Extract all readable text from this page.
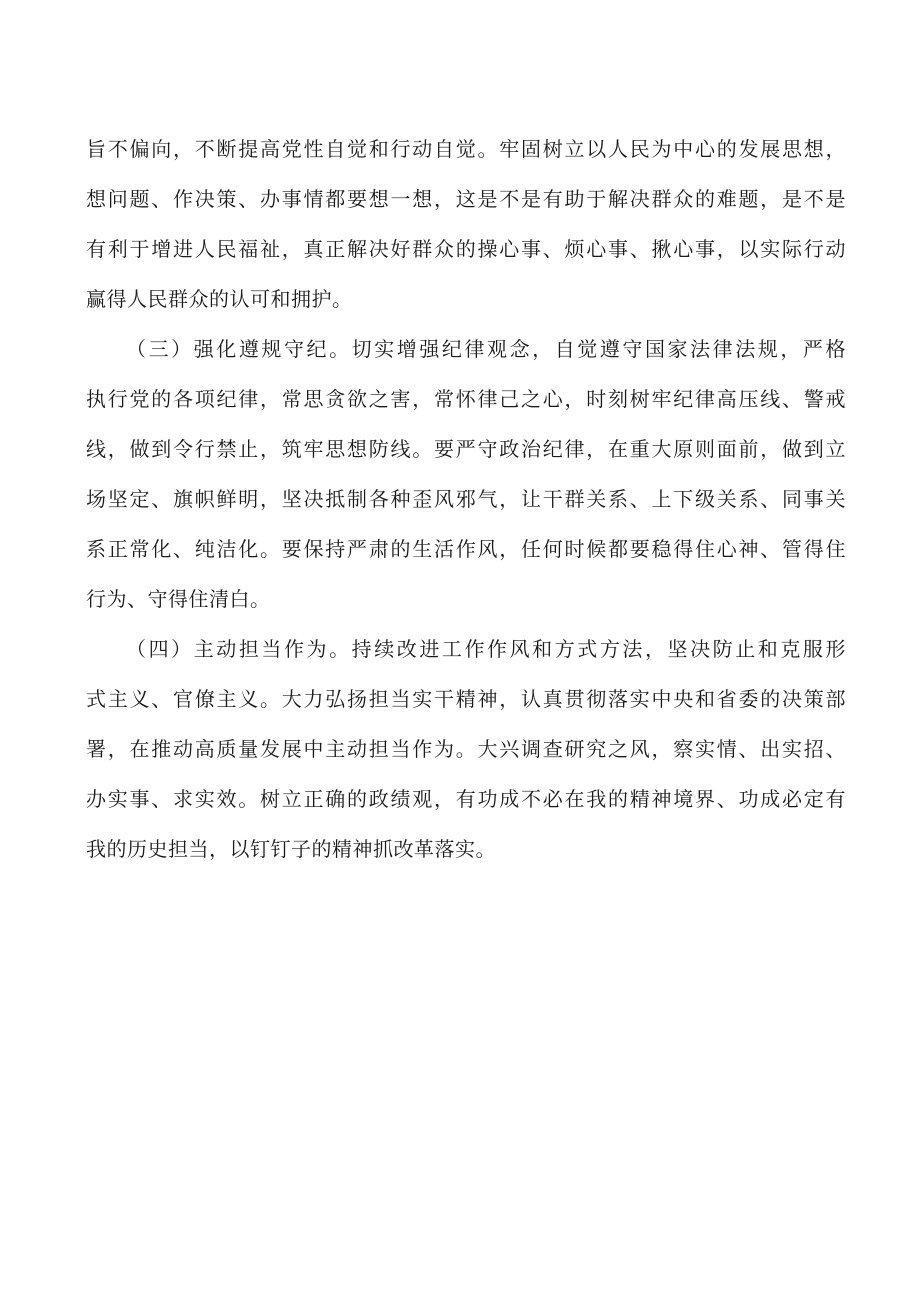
旨不偏向，不断提高党性自觉和行动自觉。牢固树立以人民为中心的发展思想，
想问题、作决策、办事情都要想一想，这是不是有助于解决群众的难题，是不是
有利于增进人民福祉，真正解决好群众的操心事、烦心事、揪心事，以实际行动
赢得人民群众的认可和拥护。

（三）强化遵规守纪。切实增强纪律观念，自觉遵守国家法律法规，严格
执行党的各项纪律，常思贪欲之害，常怀律己之心，时刻树牢纪律高压线、警戒
线，做到令行禁止，筑牢思想防线。要严守政治纪律，在重大原则面前，做到立
场坚定、旗帜鲜明，坚决抵制各种歪风邪气，让干群关系、上下级关系、同事关
系正常化、纯洁化。要保持严肃的生活作风，任何时候都要稳得住心神、管得住
行为、守得住清白。

（四）主动担当作为。持续改进工作作风和方式方法，坚决防止和克服形
式主义、官僚主义。大力弘扬担当实干精神，认真贯彻落实中央和省委的决策部
署，在推动高质量发展中主动担当作为。大兴调查研究之风，察实情、出实招、
办实事、求实效。树立正确的政绩观，有功成不必在我的精神境界、功成必定有
我的历史担当，以钉钉子的精神抓改革落实。
